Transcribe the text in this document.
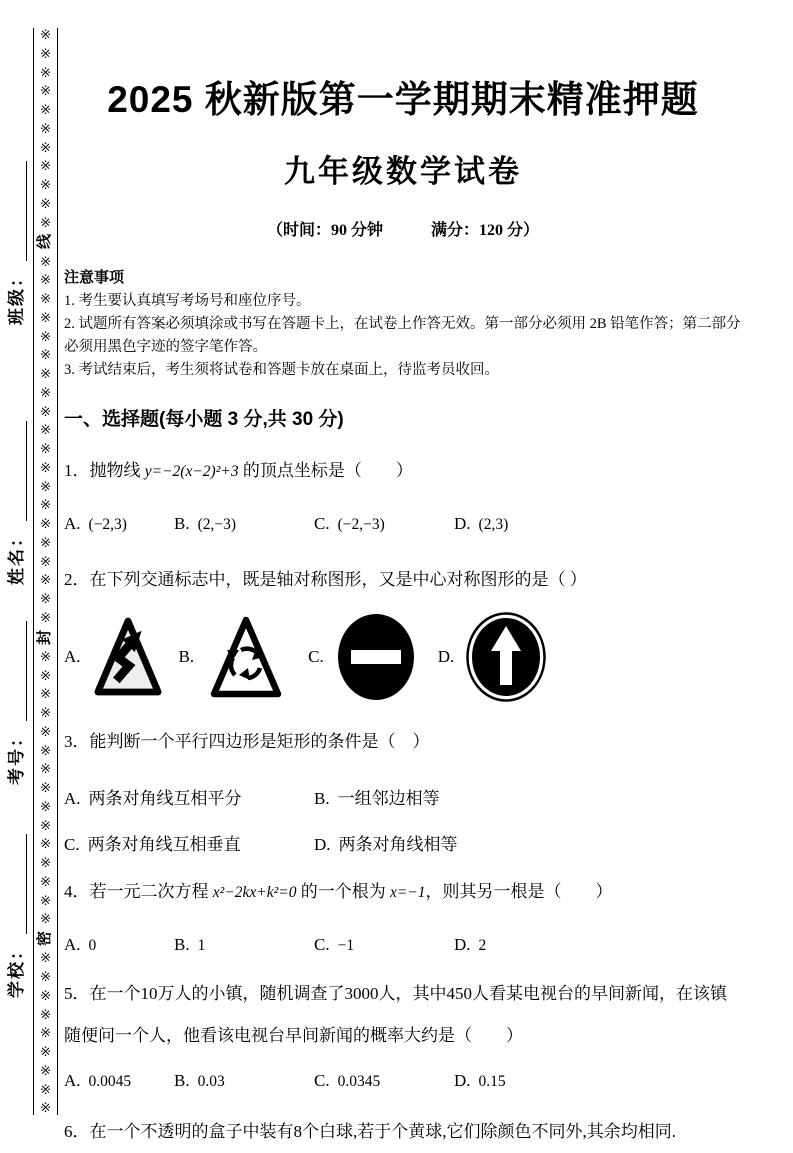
班级：
姓名：
考号：
学校：
※
※
※
※
※
※
※
※
※
※
※
线
※
※
※
※
※
※
※
※
※
※
※
※
※
※
※
※
※
※
※
※
封
※
※
※
※
※
※
※
※
※
※
※
※
※
※
※
密
※
※
※
※
※
※
※
※
※
2025 秋新版第一学期期末精准押题
九年级数学试卷
（时间：90 分钟　　　满分：120 分）
注意事项
1. 考生要认真填写考场号和座位序号。
2. 试题所有答案必须填涂或书写在答题卡上，在试卷上作答无效。第一部分必须用 2B 铅笔作答；第二部分必须用黑色字迹的签字笔作答。
3. 考试结束后，考生须将试卷和答题卡放在桌面上，待监考员收回。
一、选择题(每小题 3 分,共 30 分)
1．抛物线 y=−2(x−2)²+3 的顶点坐标是（　　）
A. (−2,3)	B. (2,−3)	C. (−2,−3)	D. (2,3)
2．在下列交通标志中，既是轴对称图形，又是中心对称图形的是（ ）
A.	B.	C.	D.
3．能判断一个平行四边形是矩形的条件是（　）
A. 两条对角线互相平分	B. 一组邻边相等
C. 两条对角线互相垂直	D. 两条对角线相等
4．若一元二次方程 x²−2kx+k²=0 的一个根为 x=−1，则其另一根是（　　）
A. 0	B. 1	C. −1	D. 2
5．在一个10万人的小镇，随机调查了3000人，其中450人看某电视台的早间新闻，在该镇随便问一个人，他看该电视台早间新闻的概率大约是（　　）
A. 0.0045	B. 0.03	C. 0.0345	D. 0.15
6．在一个不透明的盒子中装有8个白球,若于个黄球,它们除颜色不同外,其余均相同.
